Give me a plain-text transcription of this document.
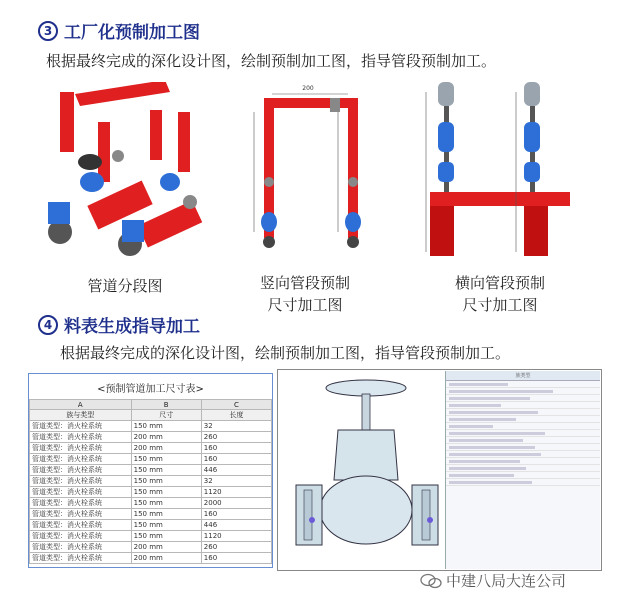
3 工厂化预制加工图
根据最终完成的深化设计图，绘制预制加工图，指导管段预制加工。
管道分段图
200
竖向管段预制
尺寸加工图
横向管段预制
尺寸加工图
4 料表生成指导加工
根据最终完成的深化设计图，绘制预制加工图，指导管段预制加工。
<预制管道加工尺寸表>
A	B	C
族与类型	尺寸	长度
管道类型：消火栓系统	150 mm	32
管道类型：消火栓系统	200 mm	260
管道类型：消火栓系统	200 mm	160
管道类型：消火栓系统	150 mm	160
管道类型：消火栓系统	150 mm	446
管道类型：消火栓系统	150 mm	32
管道类型：消火栓系统	150 mm	1120
管道类型：消火栓系统	150 mm	2000
管道类型：消火栓系统	150 mm	160
管道类型：消火栓系统	150 mm	446
管道类型：消火栓系统	150 mm	1120
管道类型：消火栓系统	200 mm	260
管道类型：消火栓系统	200 mm	160
族类型
中建八局大连公司
